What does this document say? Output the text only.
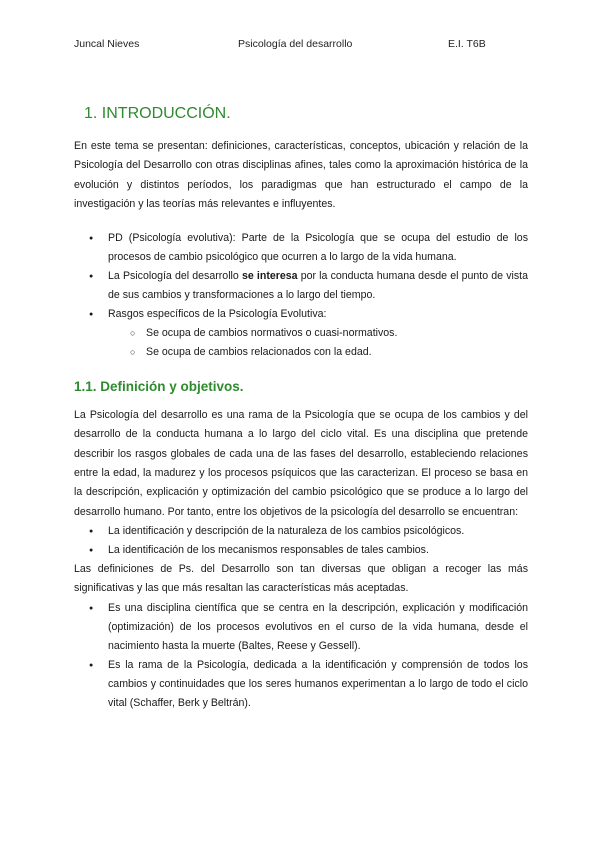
Juncal Nieves	Psicología del desarrollo	E.I. T6B
1. INTRODUCCIÓN.

En este tema se presentan: definiciones, características, conceptos, ubicación y relación de la Psicología del Desarrollo con otras disciplinas afines, tales como la aproximación histórica de la evolución y distintos períodos, los paradigmas que han estructurado el campo de la investigación y las teorías más relevantes e influyentes.

● PD (Psicología evolutiva): Parte de la Psicología que se ocupa del estudio de los procesos de cambio psicológico que ocurren a lo largo de la vida humana.
● La Psicología del desarrollo se interesa por la conducta humana desde el punto de vista de sus cambios y transformaciones a lo largo del tiempo.
● Rasgos específicos de la Psicología Evolutiva:
○ Se ocupa de cambios normativos o cuasi-normativos.
○ Se ocupa de cambios relacionados con la edad.
1.1. Definición y objetivos.

La Psicología del desarrollo es una rama de la Psicología que se ocupa de los cambios y del desarrollo de la conducta humana a lo largo del ciclo vital. Es una disciplina que pretende describir los rasgos globales de cada una de las fases del desarrollo, estableciendo relaciones entre la edad, la madurez y los procesos psíquicos que las caracterizan. El proceso se basa en la descripción, explicación y optimización del cambio psicológico que se produce a lo largo del desarrollo humano. Por tanto, entre los objetivos de la psicología del desarrollo se encuentran:

● La identificación y descripción de la naturaleza de los cambios psicológicos.
● La identificación de los mecanismos responsables de tales cambios.

Las definiciones de Ps. del Desarrollo son tan diversas que obligan a recoger las más significativas y las que más resaltan las características más aceptadas.

● Es una disciplina científica que se centra en la descripción, explicación y modificación (optimización) de los procesos evolutivos en el curso de la vida humana, desde el nacimiento hasta la muerte (Baltes, Reese y Gessell).
● Es la rama de la Psicología, dedicada a la identificación y comprensión de todos los cambios y continuidades que los seres humanos experimentan a lo largo de todo el ciclo vital (Schaffer, Berk y Beltrán).
